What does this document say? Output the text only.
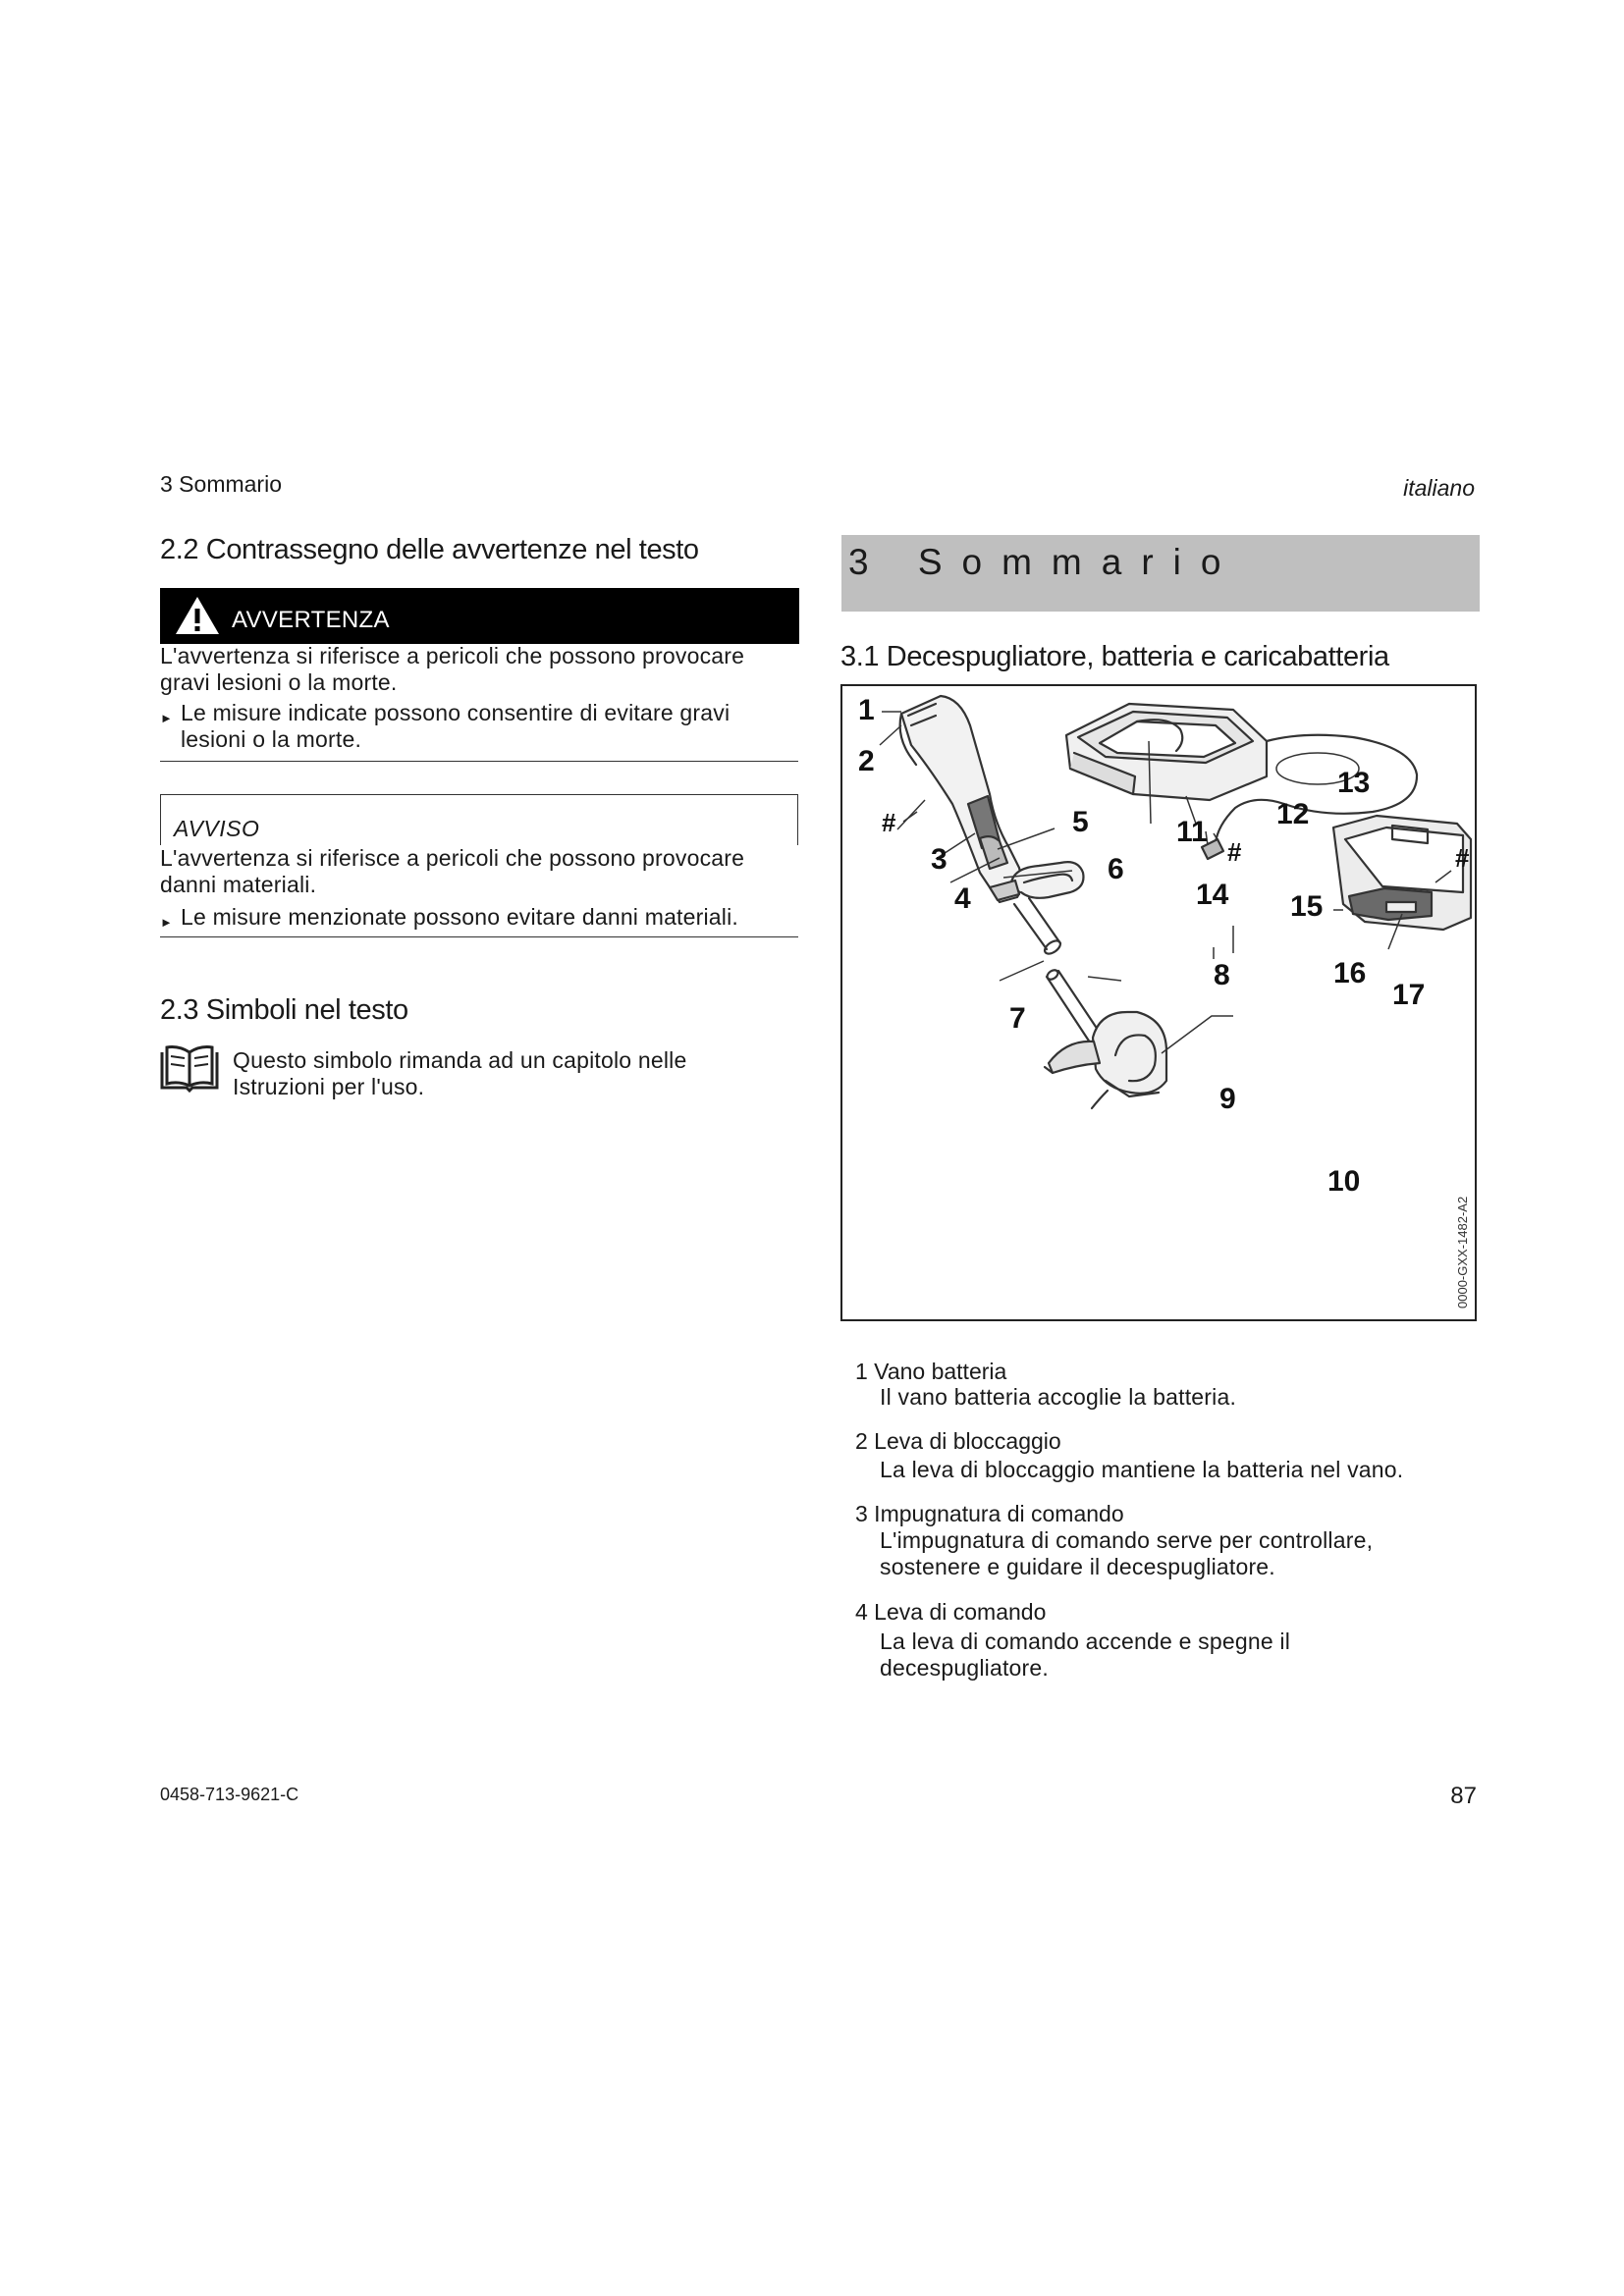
3 Sommario	italiano
2.2 Contrassegno delle avvertenze nel testo
AVVERTENZA
L'avvertenza si riferisce a pericoli che possono provocare
gravi lesioni o la morte.
► Le misure indicate possono consentire di evitare gravi
lesioni o la morte.
AVVISO
L'avvertenza si riferisce a pericoli che possono provocare
danni materiali.
► Le misure menzionate possono evitare danni materiali.
2.3 Simboli nel testo
Questo simbolo rimanda ad un capitolo nelle
Istruzioni per l'uso.
3 Sommario
3.1 Decespugliatore, batteria e caricabatteria
#
#	#
1
2
3
4
5
6
7
8
9
10
11
12
13
14 15
16
17
0000-GXX-1482-A2
1 Vano batteria
Il vano batteria accoglie la batteria.
2 Leva di bloccaggio
La leva di bloccaggio mantiene la batteria nel vano.
3 Impugnatura di comando
L'impugnatura di comando serve per controllare,
sostenere e guidare il decespugliatore.
4 Leva di comando
La leva di comando accende e spegne il
decespugliatore.
0458-713-9621-C	87
